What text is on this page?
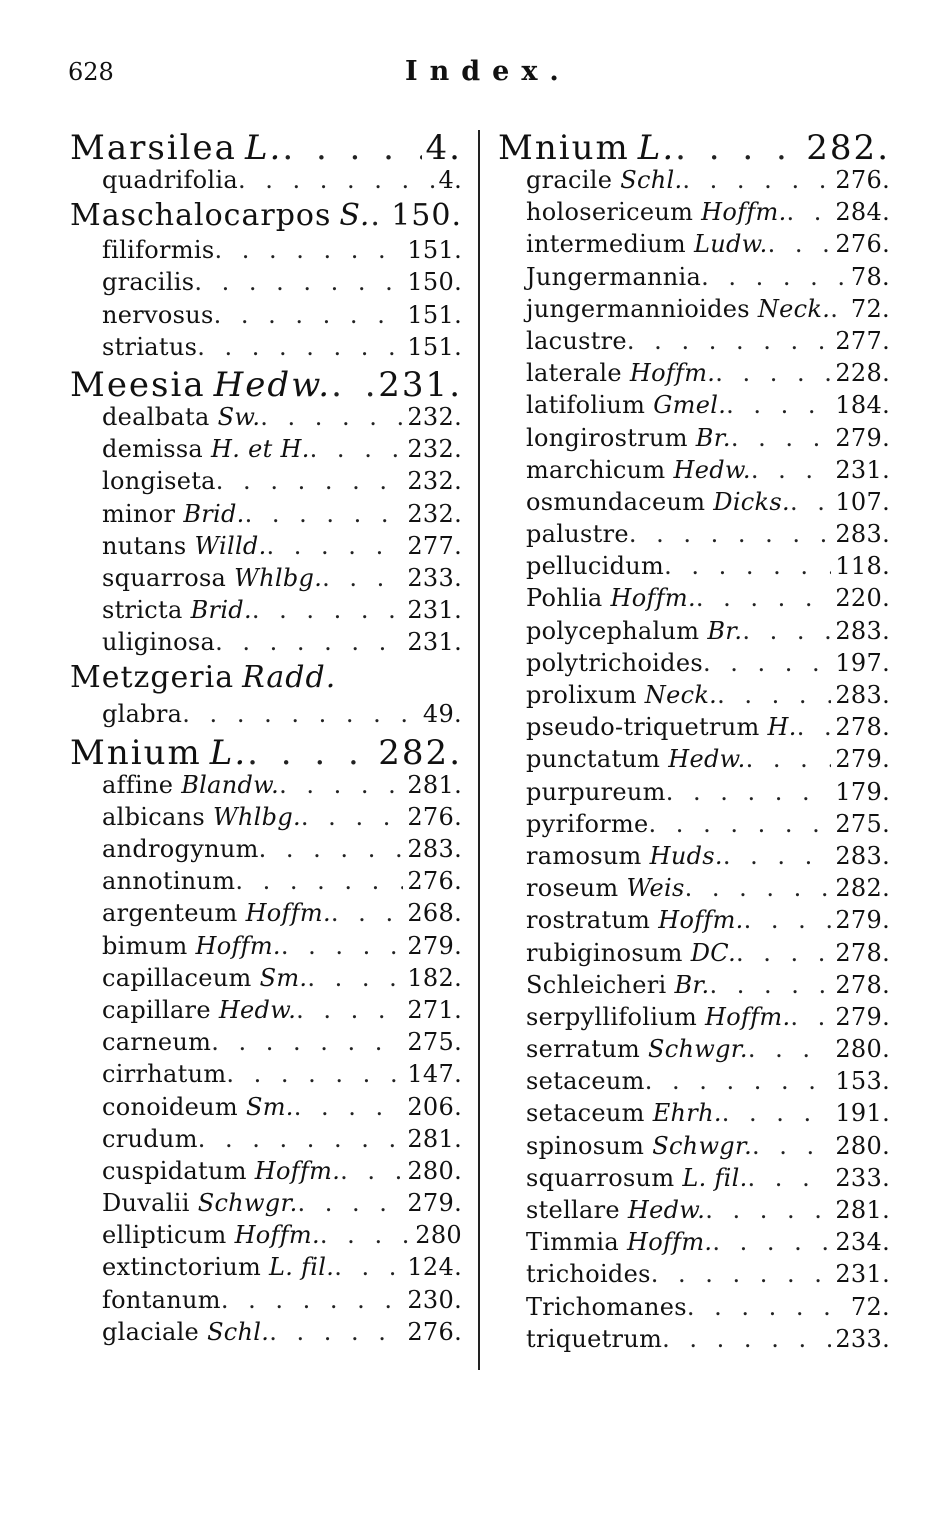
628	Index.
Marsilea L. . . .	4.
quadrifolia . . .	4.
Maschalocarpos S. . . . 150.
filiformis . . .	151.
gracilis . . .	150.
nervosus . . .	151.
striatus . . .	151.
Meesia Hedw. . . . 231.
dealbata Sw. . . .	232.
demissa H. et H. . . .	232.
longiseta . . .	232.
minor Brid. . . .	232.
nutans Willd. . . .	277.
squarrosa Whlbg. . . .	233.
stricta Brid. . . .	231.
uliginosa . . .	231.
Metzgeria Radd.
glabra . . .	49.
Mnium L. . . .	282.
affine Blandw. . . .	281.
albicans Whlbg. . . .	276.
androgynum . . .	283.
annotinum . . .	276.
argenteum Hoffm. . . .	268.
bimum Hoffm. . . .	279.
capillaceum Sm. . . .	182.
capillare Hedw. . . .	271.
carneum . . .	275.
cirrhatum . . .	147.
conoideum Sm. . . .	206.
crudum . . .	281.
cuspidatum Hoffm. . . .	280.
Duvalii Schwgr. . . .	279.
ellipticum Hoffm. . . .	280
extinctorium L. fil. . . .	124.
fontanum . . .	230.
glaciale Schl. . . .	276.
Mnium L. . . .	282.
gracile Schl. . . .	276.
holosericeum Hoffm. . . . 284.
intermedium Ludw. . . .	276.
Jungermannia . . .	78.
jungermannioides Neck. . . . 72.
lacustre . . .	277.
laterale Hoffm. . . .	228.
latifolium Gmel. . . .	184.
longirostrum Br. . . .	279.
marchicum Hedw. . . .	231.
osmundaceum Dicks. . . . 107.
palustre . . .	283.
pellucidum . . .	118.
Pohlia Hoffm. . . .	220.
polycephalum Br. . . .	283.
polytrichoides . . .	197.
prolixum Neck. . . .	283.
pseudo-triquetrum H. . . . 278.
punctatum Hedw. . . .	279.
purpureum . . .	179.
pyriforme . . .	275.
ramosum Huds. . . .	283.
roseum Weis . . .	282.
rostratum Hoffm. . . .	279.
rubiginosum DC. . . .	278.
Schleicheri Br. . . .	278.
serpyllifolium Hoffm. . . . 279.
serratum Schwgr. . . .	280.
setaceum . . .	153.
setaceum Ehrh. . . .	191.
spinosum Schwgr. . . .	280.
squarrosum L. fil. . . .	233.
stellare Hedw. . . .	281.
Timmia Hoffm. . . .	234.
trichoides . . .	231.
Trichomanes . . .	72.
triquetrum . . .	233.
